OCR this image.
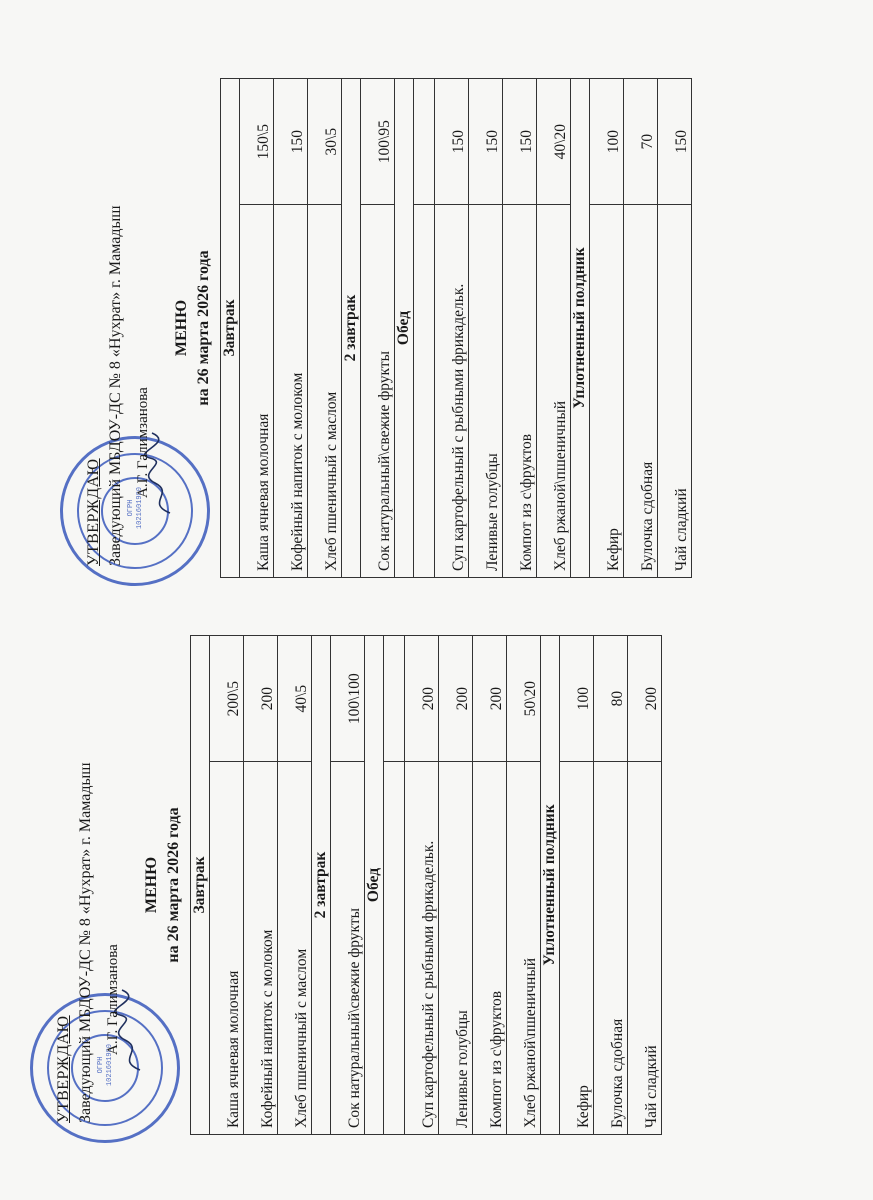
ОГРН 1021601980
УТВЕРЖДАЮ Заведующий МБДОУ-ДС № 8 «Нухрат» г. Мамадыш А.Г. Галимзанова
МЕНЮ на 26 марта 2026 года Завтрак	
Каша ячневая молочная	200\5
Кофейный напиток с молоком	200
Хлеб пшеничный с маслом	40\5
2 завтрак	
Сок натуральный\свежие фрукты	100\100
Обед	

Суп картофельный с рыбными фрикадельк.	200
Ленивые голубцы	200
Компот из с\фруктов	200
Хлеб ржаной\пшеничный	50\20
Уплотненный полдник	
Кефир	100
Булочка сдобная	80
Чай сладкий	200
ОГРН 1021601980
УТВЕРЖДАЮ Заведующий МБДОУ-ДС № 8 «Нухрат» г. Мамадыш А.Г. Галимзанова
МЕНЮ на 26 марта 2026 года Завтрак	
Каша ячневая молочная	150\5
Кофейный напиток с молоком	150
Хлеб пшеничный с маслом	30\5
2 завтрак	
Сок натуральный\свежие фрукты	100\95
Обед	

Суп картофельный с рыбными фрикадельк.	150
Ленивые голубцы	150
Компот из с\фруктов	150
Хлеб ржаной\пшеничный	40\20
Уплотненный полдник	
Кефир	100
Булочка сдобная	70
Чай сладкий	150
